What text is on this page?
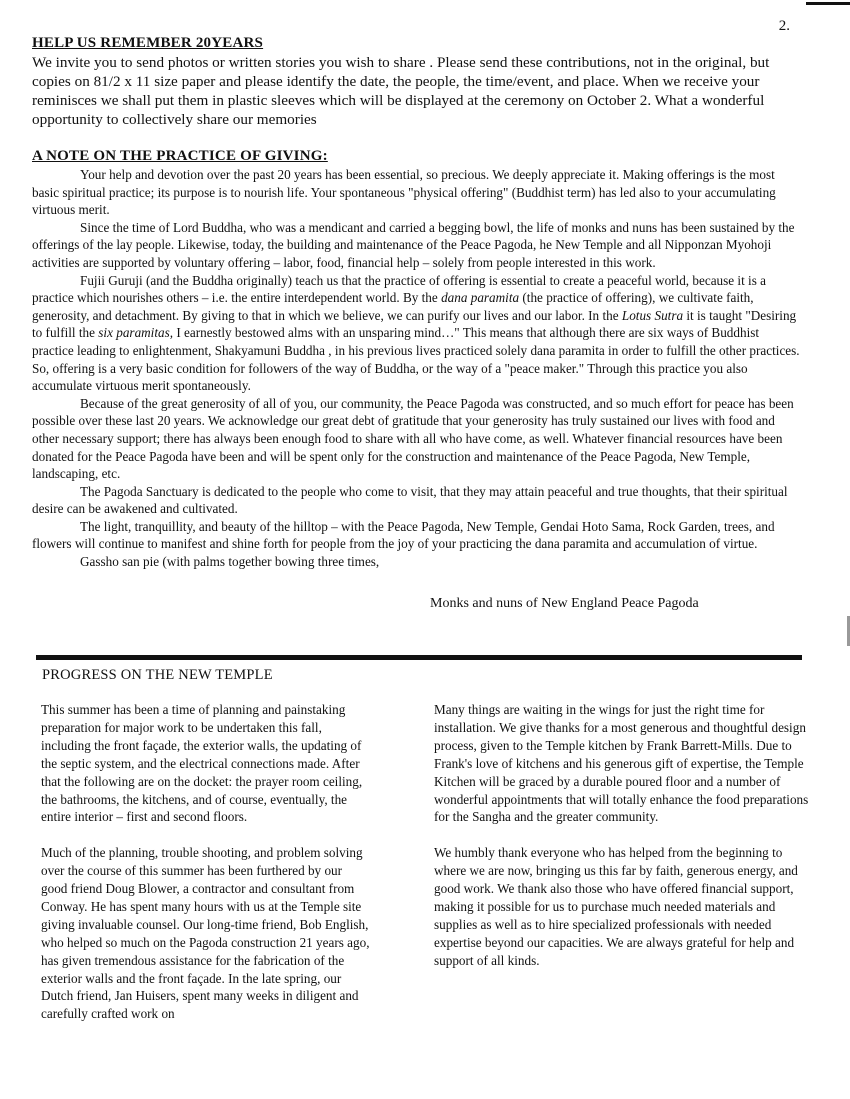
2.
HELP US REMEMBER 20YEARS

We invite you to send photos or written stories you wish to share . Please send these contributions, not in the original, but copies on 81/2 x 11 size paper and please identify the date, the people, the time/event, and place. When we receive your reminisces we shall put them in plastic sleeves which will be displayed at the ceremony on October 2. What a wonderful opportunity to collectively share our memories

A NOTE ON THE PRACTICE OF GIVING:

Your help and devotion over the past 20 years has been essential, so precious. We deeply appreciate it. Making offerings is the most basic spiritual practice; its purpose is to nourish life. Your spontaneous "physical offering" (Buddhist term) has led also to your accumulating virtuous merit.

Since the time of Lord Buddha, who was a mendicant and carried a begging bowl, the life of monks and nuns has been sustained by the offerings of the lay people. Likewise, today, the building and maintenance of the Peace Pagoda, he New Temple and all Nipponzan Myohoji activities are supported by voluntary offering – labor, food, financial help – solely from people interested in this work.

Fujii Guruji (and the Buddha originally) teach us that the practice of offering is essential to create a peaceful world, because it is a practice which nourishes others – i.e. the entire interdependent world. By the dana paramita (the practice of offering), we cultivate faith, generosity, and detachment. By giving to that in which we believe, we can purify our lives and our labor. In the Lotus Sutra it is taught "Desiring to fulfill the six paramitas, I earnestly bestowed alms with an unsparing mind…" This means that although there are six ways of Buddhist practice leading to enlightenment, Shakyamuni Buddha , in his previous lives practiced solely dana paramita in order to fulfill the other practices. So, offering is a very basic condition for followers of the way of Buddha, or the way of a "peace maker." Through this practice you also accumulate virtuous merit spontaneously.

Because of the great generosity of all of you, our community, the Peace Pagoda was constructed, and so much effort for peace has been possible over these last 20 years. We acknowledge our great debt of gratitude that your generosity has truly sustained our lives with food and other necessary support; there has always been enough food to share with all who have come, as well. Whatever financial resources have been donated for the Peace Pagoda have been and will be spent only for the construction and maintenance of the Peace Pagoda, New Temple, landscaping, etc.

The Pagoda Sanctuary is dedicated to the people who come to visit, that they may attain peaceful and true thoughts, that their spiritual desire can be awakened and cultivated.

The light, tranquillity, and beauty of the hilltop – with the Peace Pagoda, New Temple, Gendai Hoto Sama, Rock Garden, trees, and flowers will continue to manifest and shine forth for people from the joy of your practicing the dana paramita and accumulation of virtue.

Gassho san pie (with palms together bowing three times,

Monks and nuns of New England Peace Pagoda
PROGRESS ON THE NEW TEMPLE

This summer has been a time of planning and painstaking preparation for major work to be undertaken this fall, including the front façade, the exterior walls, the updating of the septic system, and the electrical connections made. After that the following are on the docket: the prayer room ceiling, the bathrooms, the kitchens, and of course, eventually, the entire interior – first and second floors.

Much of the planning, trouble shooting, and problem solving over the course of this summer has been furthered by our good friend Doug Blower, a contractor and consultant from Conway. He has spent many hours with us at the Temple site giving invaluable counsel. Our long-time friend, Bob English, who helped so much on the Pagoda construction 21 years ago, has given tremendous assistance for the fabrication of the exterior walls and the front façade. In the late spring, our Dutch friend, Jan Huisers, spent many weeks in diligent and carefully crafted work on

Many things are waiting in the wings for just the right time for installation. We give thanks for a most generous and thoughtful design process, given to the Temple kitchen by Frank Barrett-Mills. Due to Frank's love of kitchens and his generous gift of expertise, the Temple Kitchen will be graced by a durable poured floor and a number of wonderful appointments that will totally enhance the food preparations for the Sangha and the greater community.

We humbly thank everyone who has helped from the beginning to where we are now, bringing us this far by faith, generous energy, and good work. We thank also those who have offered financial support, making it possible for us to purchase much needed materials and supplies as well as to hire specialized professionals with needed expertise beyond our capacities. We are always grateful for help and support of all kinds.
